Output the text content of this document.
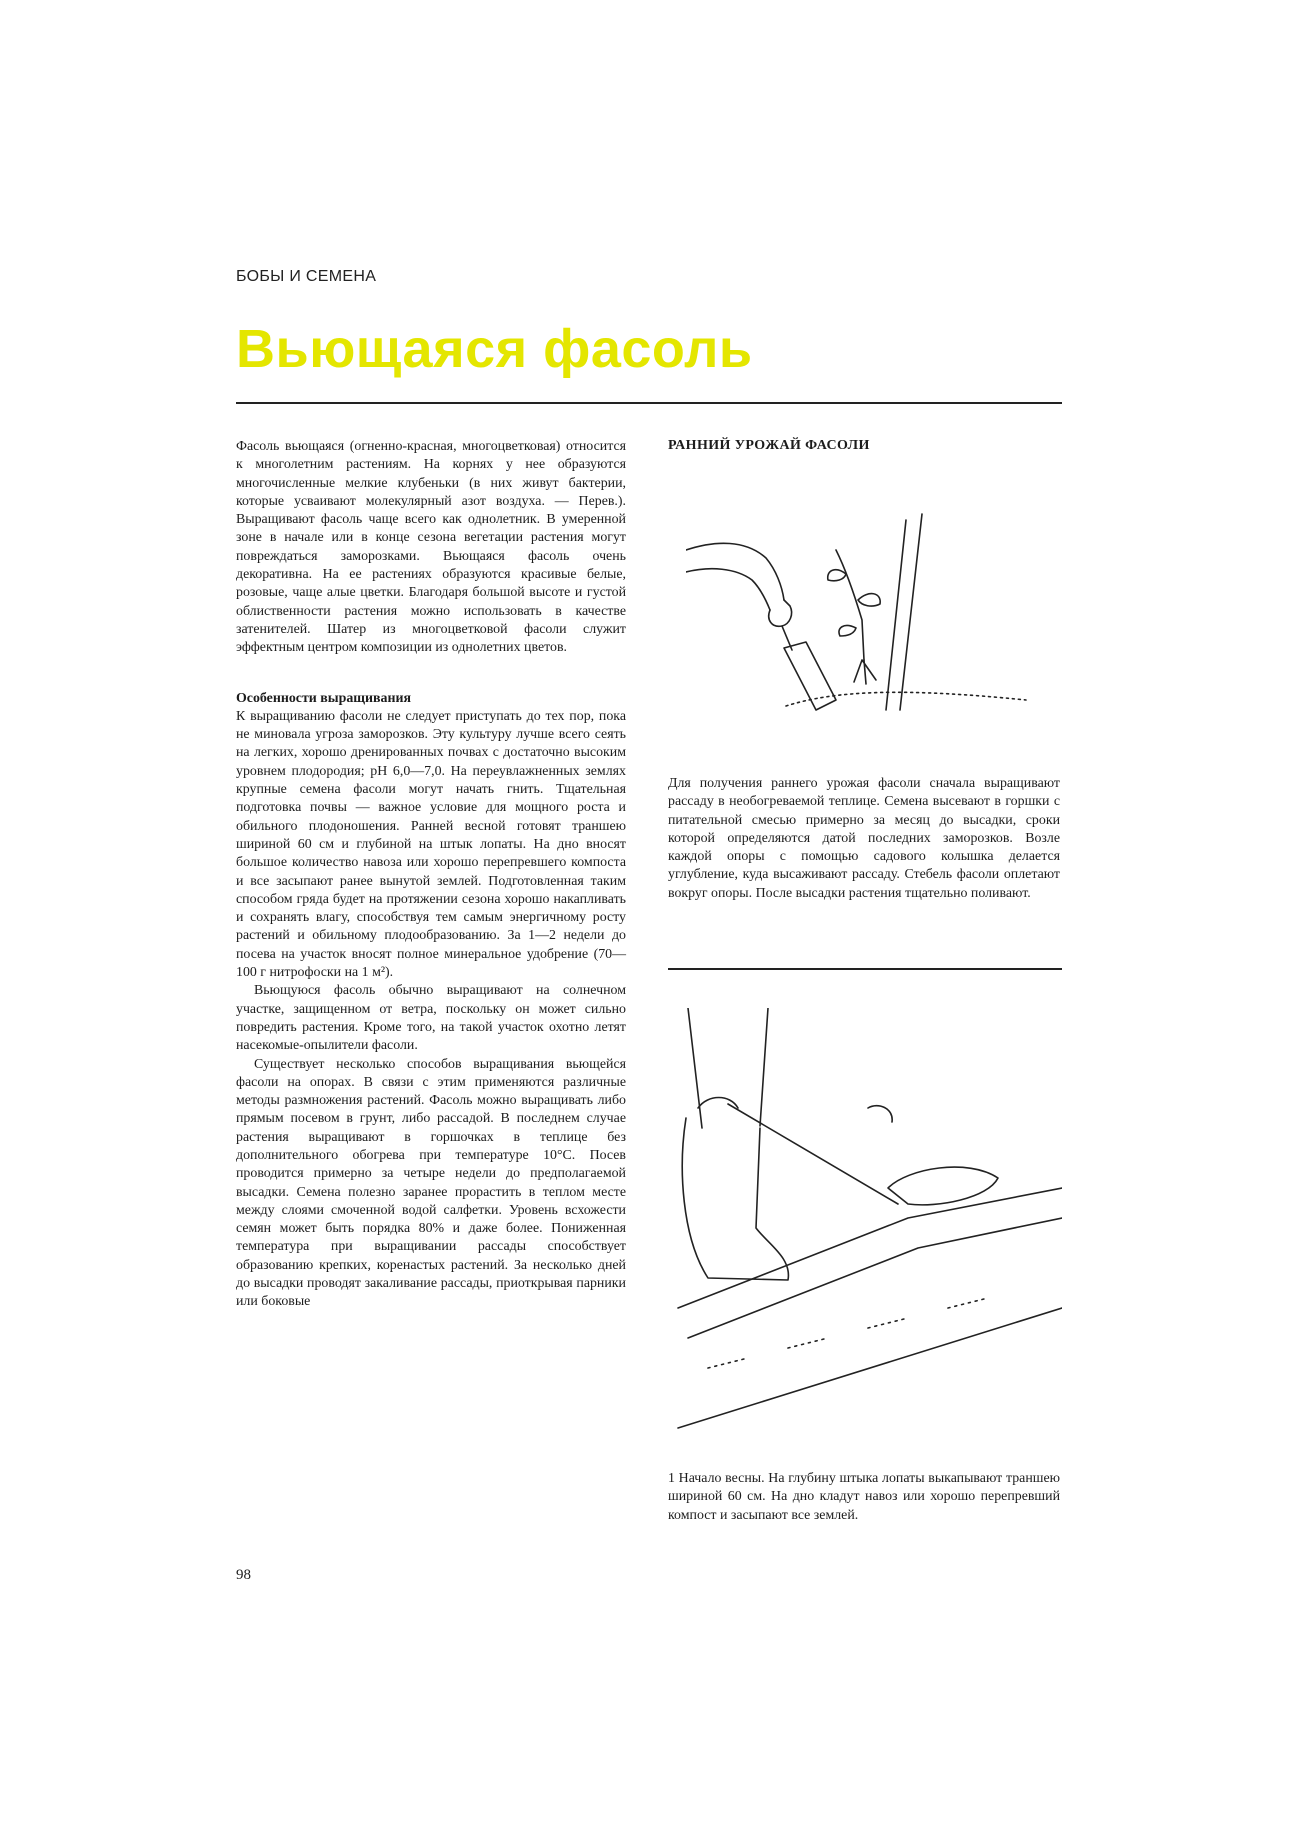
БОБЫ И СЕМЕНА
Вьющаяся фасоль

Фасоль вьющаяся (огненно-красная, многоцветковая) относится к многолетним растениям. На корнях у нее образуются многочисленные мелкие клубеньки (в них живут бактерии, которые усваивают молекулярный азот воздуха. — Перев.). Выращивают фасоль чаще всего как однолетник. В умеренной зоне в начале или в конце сезона вегетации растения могут повреждаться заморозками. Вьющаяся фасоль очень декоративна. На ее растениях образуются красивые белые, розовые, чаще алые цветки. Благодаря большой высоте и густой облиственности растения можно использовать в качестве затенителей. Шатер из многоцветковой фасоли служит эффектным центром композиции из однолетних цветов.

Особенности выращивания

К выращиванию фасоли не следует приступать до тех пор, пока не миновала угроза заморозков. Эту культуру лучше всего сеять на легких, хорошо дренированных почвах с достаточно высоким уровнем плодородия; pH 6,0—7,0. На переувлажненных землях крупные семена фасоли могут начать гнить. Тщательная подготовка почвы — важное условие для мощного роста и обильного плодоношения. Ранней весной готовят траншею шириной 60 см и глубиной на штык лопаты. На дно вносят большое количество навоза или хорошо перепревшего компоста и все засыпают ранее вынутой землей. Подготовленная таким способом гряда будет на протяжении сезона хорошо накапливать и сохранять влагу, способствуя тем самым энергичному росту растений и обильному плодообразованию. За 1—2 недели до посева на участок вносят полное минеральное удобрение (70—100 г нитрофоски на 1 м²).

Вьющуюся фасоль обычно выращивают на солнечном участке, защищенном от ветра, поскольку он может сильно повредить растения. Кроме того, на такой участок охотно летят насекомые-опылители фасоли.

Существует несколько способов выращивания вьющейся фасоли на опорах. В связи с этим применяются различные методы размножения растений. Фасоль можно выращивать либо прямым посевом в грунт, либо рассадой. В последнем случае растения выращивают в горшочках в теплице без дополнительного обогрева при температуре 10°С. Посев проводится примерно за четыре недели до предполагаемой высадки. Семена полезно заранее прорастить в теплом месте между слоями смоченной водой салфетки. Уровень всхожести семян может быть порядка 80% и даже более. Пониженная температура при выращивании рассады способствует образованию крепких, коренастых растений. За несколько дней до высадки проводят закаливание рассады, приоткрывая парники или боковые

РАННИЙ УРОЖАЙ ФАСОЛИ

Для получения раннего урожая фасоли сначала выращивают рассаду в необогреваемой теплице. Семена высевают в горшки с питательной смесью примерно за месяц до высадки, сроки которой определяются датой последних заморозков. Возле каждой опоры с помощью садового колышка делается углубление, куда высаживают рассаду. Стебель фасоли оплетают вокруг опоры. После высадки растения тщательно поливают.

1 Начало весны. На глубину штыка лопаты выкапывают траншею шириной 60 см. На дно кладут навоз или хорошо перепревший компост и засыпают все землей.

98
